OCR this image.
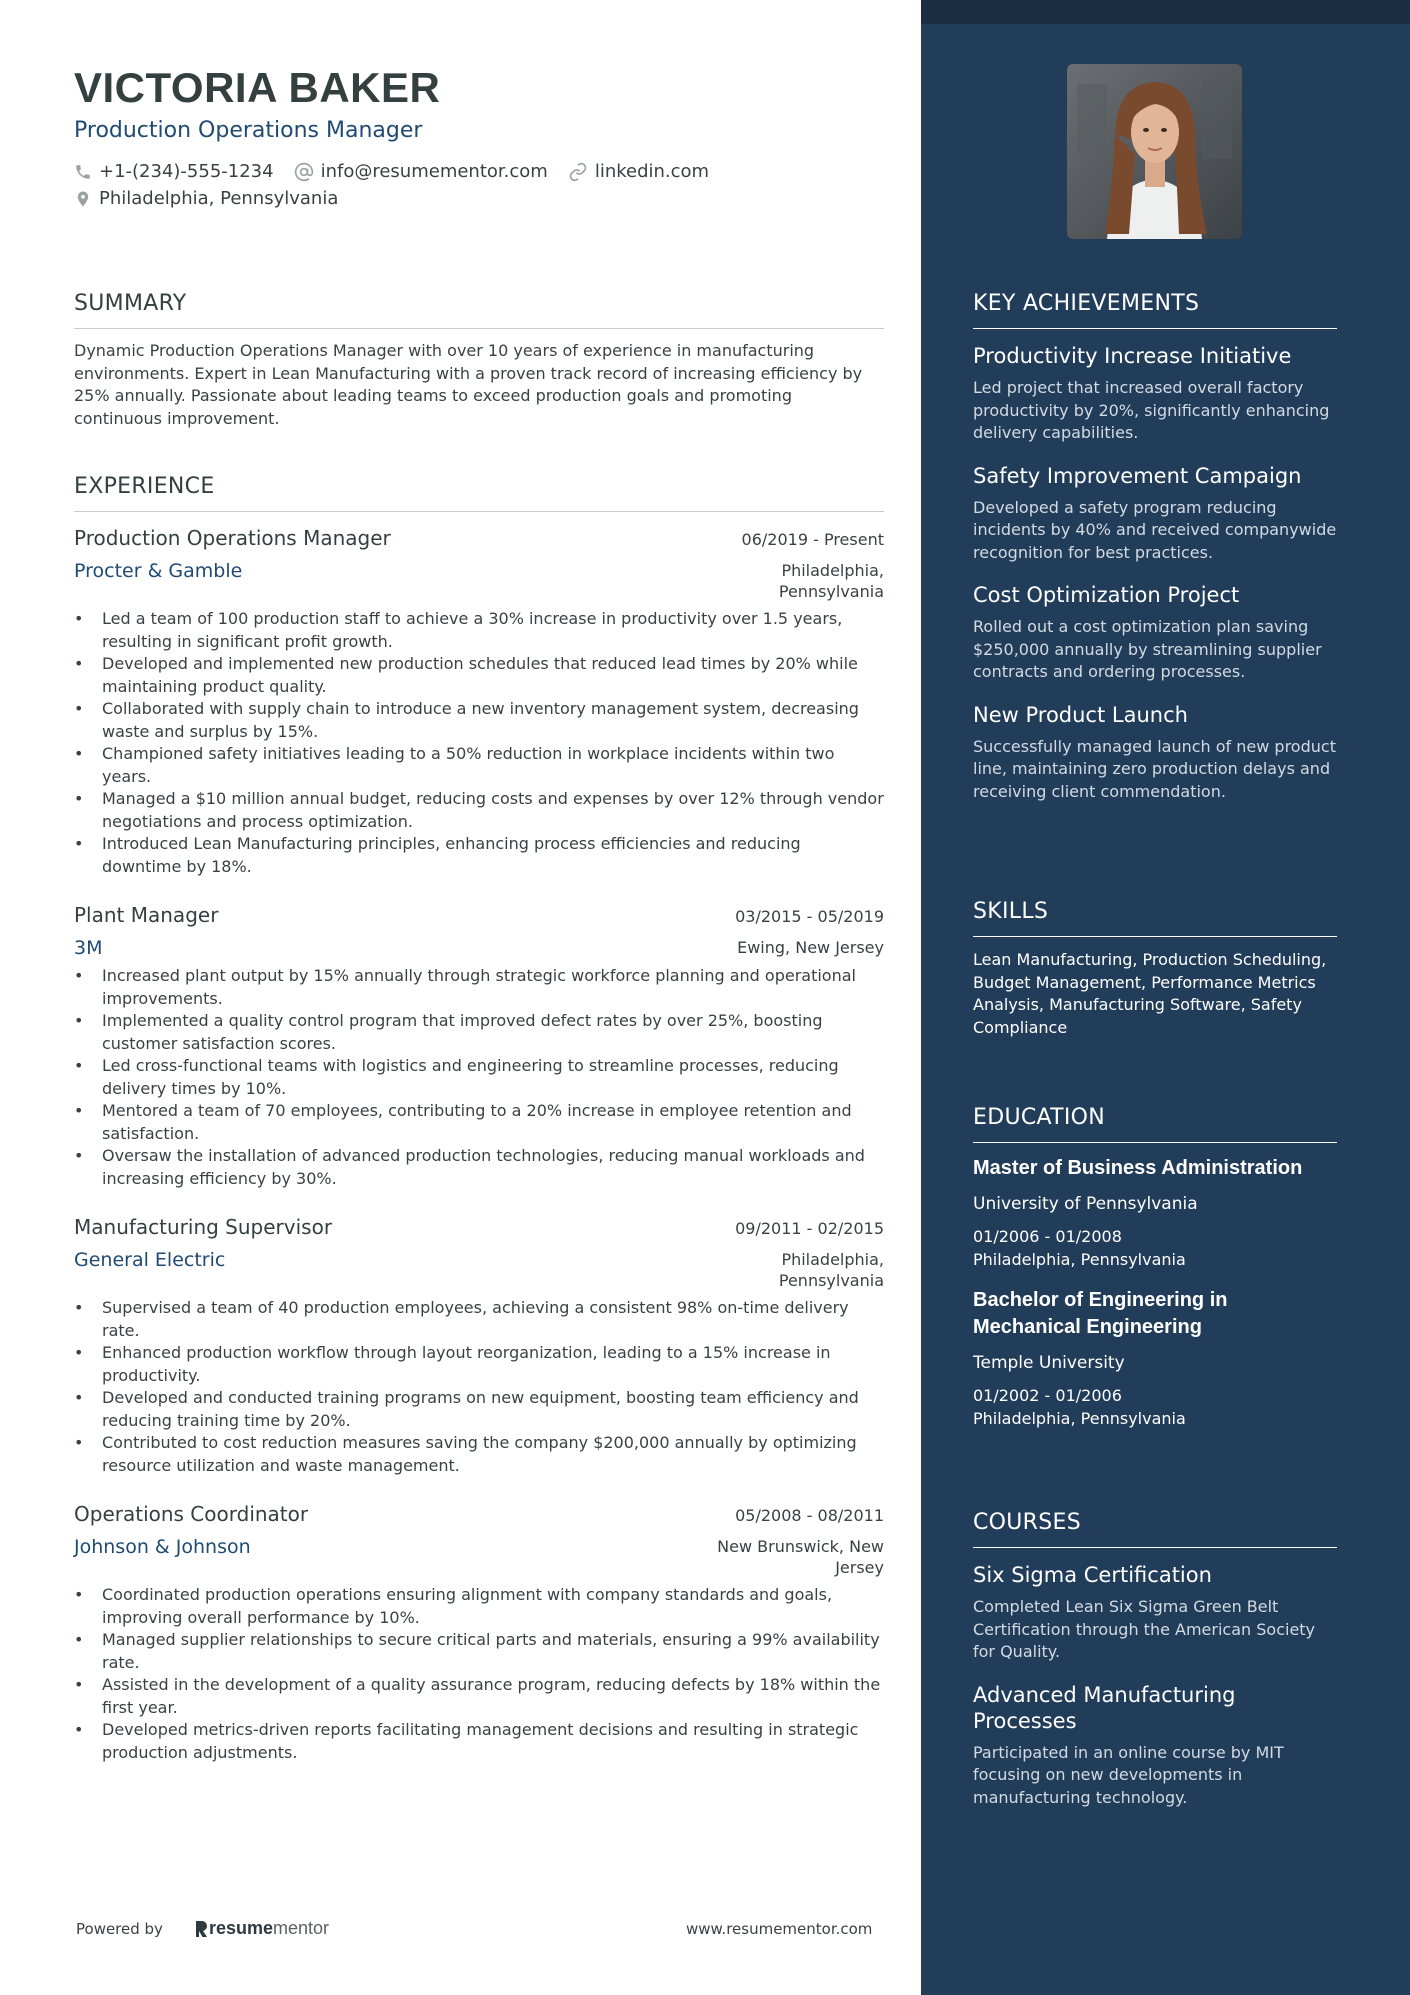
VICTORIA BAKER
Production Operations Manager
+1-(234)-555-1234	info@resumementor.com	linkedin.com
Philadelphia, Pennsylvania
SUMMARY
Dynamic Production Operations Manager with over 10 years of experience in manufacturing environments. Expert in Lean Manufacturing with a proven track record of increasing efficiency by 25% annually. Passionate about leading teams to exceed production goals and promoting continuous improvement.
EXPERIENCE
Production Operations Manager	06/2019 - Present
Procter & Gamble	Philadelphia, Pennsylvania
• Led a team of 100 production staff to achieve a 30% increase in productivity over 1.5 years, resulting in significant profit growth.
• Developed and implemented new production schedules that reduced lead times by 20% while maintaining product quality.
• Collaborated with supply chain to introduce a new inventory management system, decreasing waste and surplus by 15%.
• Championed safety initiatives leading to a 50% reduction in workplace incidents within two years.
• Managed a $10 million annual budget, reducing costs and expenses by over 12% through vendor negotiations and process optimization.
• Introduced Lean Manufacturing principles, enhancing process efficiencies and reducing downtime by 18%.
Plant Manager	03/2015 - 05/2019
3M	Ewing, New Jersey
• Increased plant output by 15% annually through strategic workforce planning and operational improvements.
• Implemented a quality control program that improved defect rates by over 25%, boosting customer satisfaction scores.
• Led cross-functional teams with logistics and engineering to streamline processes, reducing delivery times by 10%.
• Mentored a team of 70 employees, contributing to a 20% increase in employee retention and satisfaction.
• Oversaw the installation of advanced production technologies, reducing manual workloads and increasing efficiency by 30%.
Manufacturing Supervisor	09/2011 - 02/2015
General Electric	Philadelphia, Pennsylvania
• Supervised a team of 40 production employees, achieving a consistent 98% on-time delivery rate.
• Enhanced production workflow through layout reorganization, leading to a 15% increase in productivity.
• Developed and conducted training programs on new equipment, boosting team efficiency and reducing training time by 20%.
• Contributed to cost reduction measures saving the company $200,000 annually by optimizing resource utilization and waste management.
Operations Coordinator	05/2008 - 08/2011
Johnson & Johnson	New Brunswick, New Jersey
• Coordinated production operations ensuring alignment with company standards and goals, improving overall performance by 10%.
• Managed supplier relationships to secure critical parts and materials, ensuring a 99% availability rate.
• Assisted in the development of a quality assurance program, reducing defects by 18% within the first year.
• Developed metrics-driven reports facilitating management decisions and resulting in strategic production adjustments.
Powered by	resume mentor	www.resumementor.com
KEY ACHIEVEMENTS
Productivity Increase Initiative
Led project that increased overall factory productivity by 20%, significantly enhancing delivery capabilities.
Safety Improvement Campaign
Developed a safety program reducing incidents by 40% and received companywide recognition for best practices.
Cost Optimization Project
Rolled out a cost optimization plan saving $250,000 annually by streamlining supplier contracts and ordering processes.
New Product Launch
Successfully managed launch of new product line, maintaining zero production delays and receiving client commendation.
SKILLS
Lean Manufacturing, Production Scheduling, Budget Management, Performance Metrics Analysis, Manufacturing Software, Safety Compliance
EDUCATION
Master of Business Administration
University of Pennsylvania
01/2006 - 01/2008
Philadelphia, Pennsylvania
Bachelor of Engineering in Mechanical Engineering
Temple University
01/2002 - 01/2006
Philadelphia, Pennsylvania
COURSES
Six Sigma Certification
Completed Lean Six Sigma Green Belt Certification through the American Society for Quality.
Advanced Manufacturing Processes
Participated in an online course by MIT focusing on new developments in manufacturing technology.
